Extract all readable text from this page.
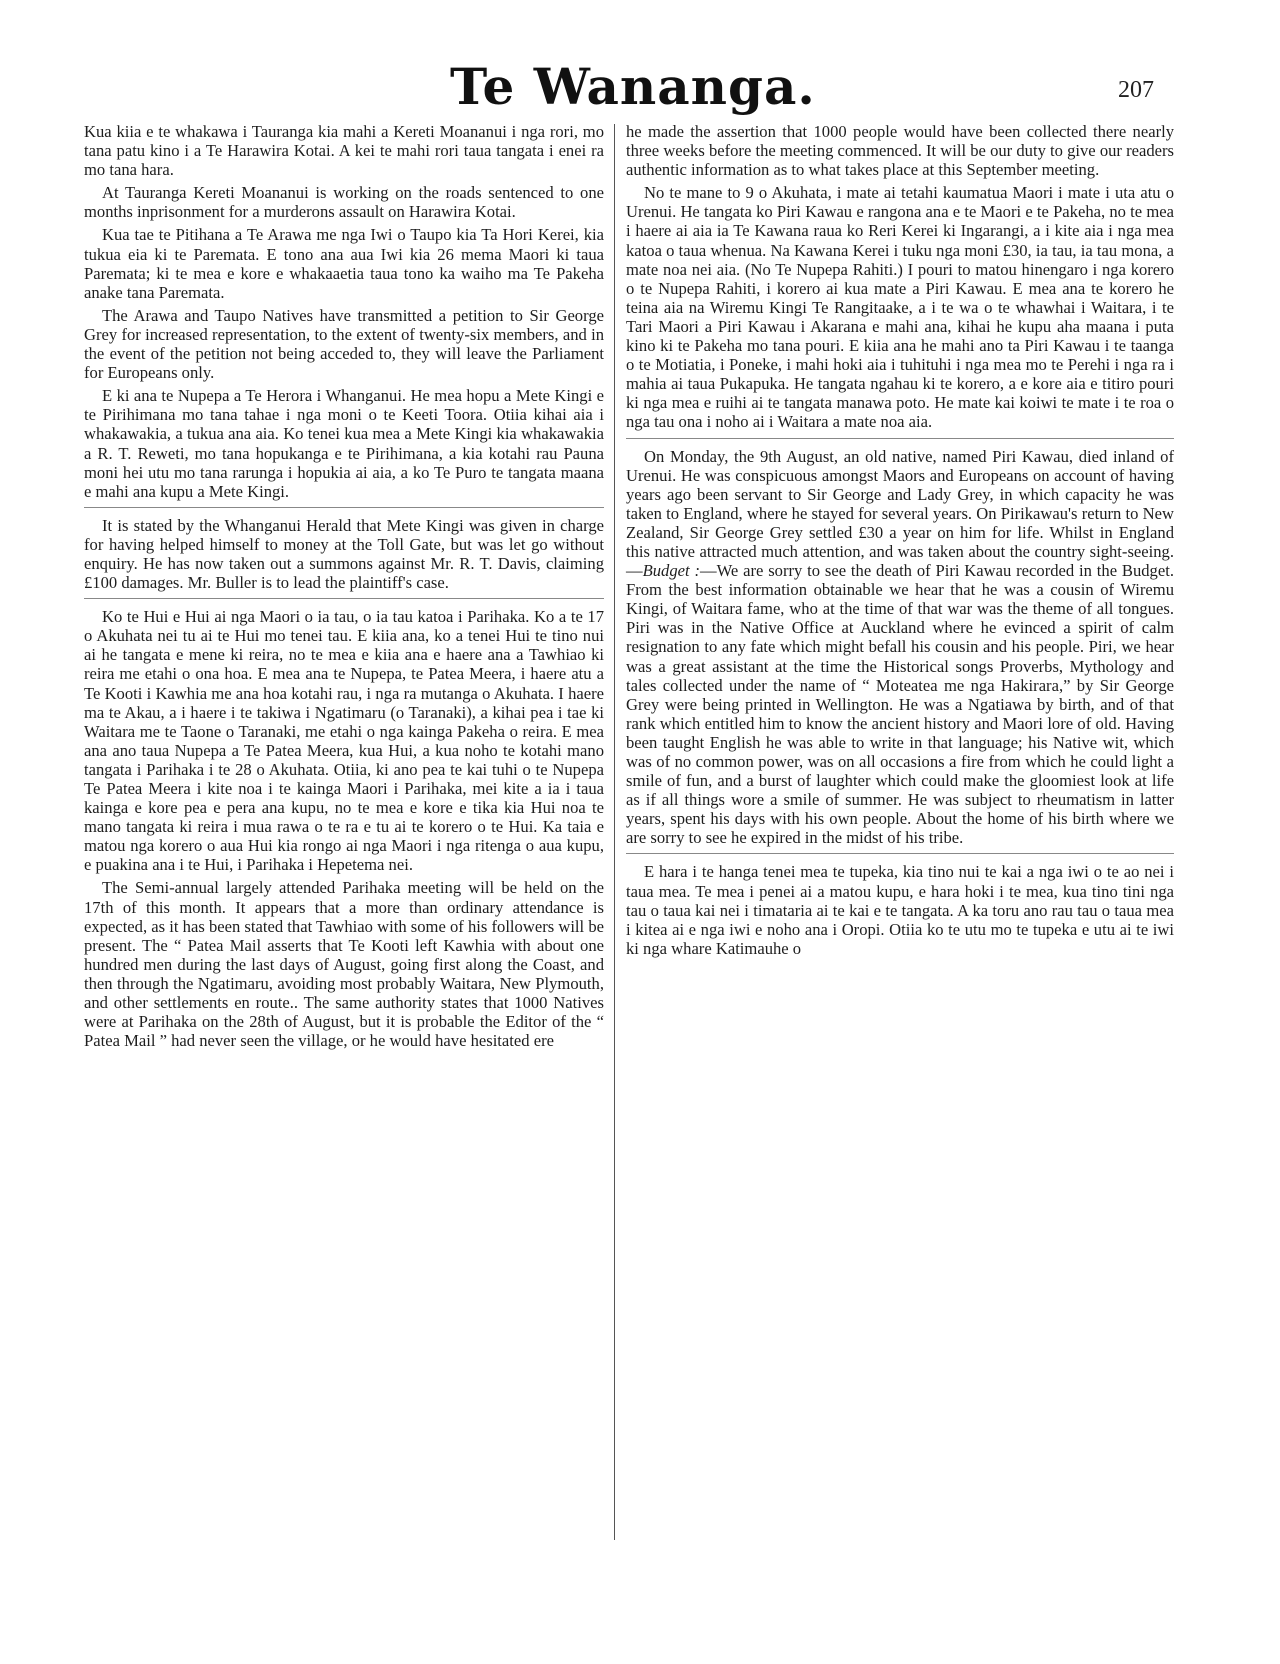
Te Wananga.	207

Kua kiia e te whakawa i Tauranga kia mahi a Kereti Moananui i nga rori, mo tana patu kino i a Te Harawira Kotai. A kei te mahi rori taua tangata i enei ra mo tana hara.

At Tauranga Kereti Moananui is working on the roads sentenced to one months inprisonment for a murderons assault on Harawira Kotai.

Kua tae te Pitihana a Te Arawa me nga Iwi o Taupo kia Ta Hori Kerei, kia tukua eia ki te Paremata. E tono ana aua Iwi kia 26 mema Maori ki taua Paremata; ki te mea e kore e whakaaetia taua tono ka waiho ma Te Pakeha anake tana Paremata.

The Arawa and Taupo Natives have transmitted a petition to Sir George Grey for increased representation, to the extent of twenty-six members, and in the event of the petition not being acceded to, they will leave the Parliament for Europeans only.

E ki ana te Nupepa a Te Herora i Whanganui. He mea hopu a Mete Kingi e te Pirihimana mo tana tahae i nga moni o te Keeti Toora. Otiia kihai aia i whakawakia, a tukua ana aia. Ko tenei kua mea a Mete Kingi kia whakawakia a R. T. Reweti, mo tana hopukanga e te Pirihimana, a kia kotahi rau Pauna moni hei utu mo tana rarunga i hopukia ai aia, a ko Te Puro te tangata maana e mahi ana kupu a Mete Kingi.

It is stated by the Whanganui Herald that Mete Kingi was given in charge for having helped himself to money at the Toll Gate, but was let go without enquiry. He has now taken out a summons against Mr. R. T. Davis, claiming £100 damages. Mr. Buller is to lead the plaintiff's case.

Ko te Hui e Hui ai nga Maori o ia tau, o ia tau katoa i Parihaka. Ko a te 17 o Akuhata nei tu ai te Hui mo tenei tau. E kiia ana, ko a tenei Hui te tino nui ai he tangata e mene ki reira, no te mea e kiia ana e haere ana a Tawhiao ki reira me etahi o ona hoa. E mea ana te Nupepa, te Patea Meera, i haere atu a Te Kooti i Kawhia me ana hoa kotahi rau, i nga ra mutanga o Akuhata. I haere ma te Akau, a i haere i te takiwa i Ngatimaru (o Taranaki), a kihai pea i tae ki Waitara me te Taone o Taranaki, me etahi o nga kainga Pakeha o reira. E mea ana ano taua Nupepa a Te Patea Meera, kua Hui, a kua noho te kotahi mano tangata i Parihaka i te 28 o Akuhata. Otiia, ki ano pea te kai tuhi o te Nupepa Te Patea Meera i kite noa i te kainga Maori i Parihaka, mei kite a ia i taua kainga e kore pea e pera ana kupu, no te mea e kore e tika kia Hui noa te mano tangata ki reira i mua rawa o te ra e tu ai te korero o te Hui. Ka taia e matou nga korero o aua Hui kia rongo ai nga Maori i nga ritenga o aua kupu, e puakina ana i te Hui, i Parihaka i Hepetema nei.

The Semi-annual largely attended Parihaka meeting will be held on the 17th of this month. It appears that a more than ordinary attendance is expected, as it has been stated that Tawhiao with some of his followers will be present. The “ Patea Mail asserts that Te Kooti left Kawhia with about one hundred men during the last days of August, going first along the Coast, and then through the Ngatimaru, avoiding most probably Waitara, New Plymouth, and other settlements en route.. The same authority states that 1000 Natives were at Parihaka on the 28th of August, but it is probable the Editor of the “ Patea Mail ” had never seen the village, or he would have hesitated ere

he made the assertion that 1000 people would have been collected there nearly three weeks before the meeting commenced. It will be our duty to give our readers authentic information as to what takes place at this September meeting.

No te mane to 9 o Akuhata, i mate ai tetahi kaumatua Maori i mate i uta atu o Urenui. He tangata ko Piri Kawau e rangona ana e te Maori e te Pakeha, no te mea i haere ai aia ia Te Kawana raua ko Reri Kerei ki Ingarangi, a i kite aia i nga mea katoa o taua whenua. Na Kawana Kerei i tuku nga moni £30, ia tau, ia tau mona, a mate noa nei aia. (No Te Nupepa Rahiti.) I pouri to matou hinengaro i nga korero o te Nupepa Rahiti, i korero ai kua mate a Piri Kawau. E mea ana te korero he teina aia na Wiremu Kingi Te Rangitaake, a i te wa o te whawhai i Waitara, i te Tari Maori a Piri Kawau i Akarana e mahi ana, kihai he kupu aha maana i puta kino ki te Pakeha mo tana pouri. E kiia ana he mahi ano ta Piri Kawau i te taanga o te Motiatia, i Poneke, i mahi hoki aia i tuhituhi i nga mea mo te Perehi i nga ra i mahia ai taua Pukapuka. He tangata ngahau ki te korero, a e kore aia e titiro pouri ki nga mea e ruihi ai te tangata manawa poto. He mate kai koiwi te mate i te roa o nga tau ona i noho ai i Waitara a mate noa aia.

On Monday, the 9th August, an old native, named Piri Kawau, died inland of Urenui. He was conspicuous amongst Maors and Europeans on account of having years ago been servant to Sir George and Lady Grey, in which capacity he was taken to England, where he stayed for several years. On Pirikawau's return to New Zealand, Sir George Grey settled £30 a year on him for life. Whilst in England this native attracted much attention, and was taken about the country sight-seeing.—Budget :—We are sorry to see the death of Piri Kawau recorded in the Budget. From the best information obtainable we hear that he was a cousin of Wiremu Kingi, of Waitara fame, who at the time of that war was the theme of all tongues. Piri was in the Native Office at Auckland where he evinced a spirit of calm resignation to any fate which might befall his cousin and his people. Piri, we hear was a great assistant at the time the Historical songs Proverbs, Mythology and tales collected under the name of “ Moteatea me nga Hakirara,” by Sir George Grey were being printed in Wellington. He was a Ngatiawa by birth, and of that rank which entitled him to know the ancient history and Maori lore of old. Having been taught English he was able to write in that language; his Native wit, which was of no common power, was on all occasions a fire from which he could light a smile of fun, and a burst of laughter which could make the gloomiest look at life as if all things wore a smile of summer. He was subject to rheumatism in latter years, spent his days with his own people. About the home of his birth where we are sorry to see he expired in the midst of his tribe.

E hara i te hanga tenei mea te tupeka, kia tino nui te kai a nga iwi o te ao nei i taua mea. Te mea i penei ai a matou kupu, e hara hoki i te mea, kua tino tini nga tau o taua kai nei i timataria ai te kai e te tangata. A ka toru ano rau tau o taua mea i kitea ai e nga iwi e noho ana i Oropi. Otiia ko te utu mo te tupeka e utu ai te iwi ki nga whare Katimauhe o
